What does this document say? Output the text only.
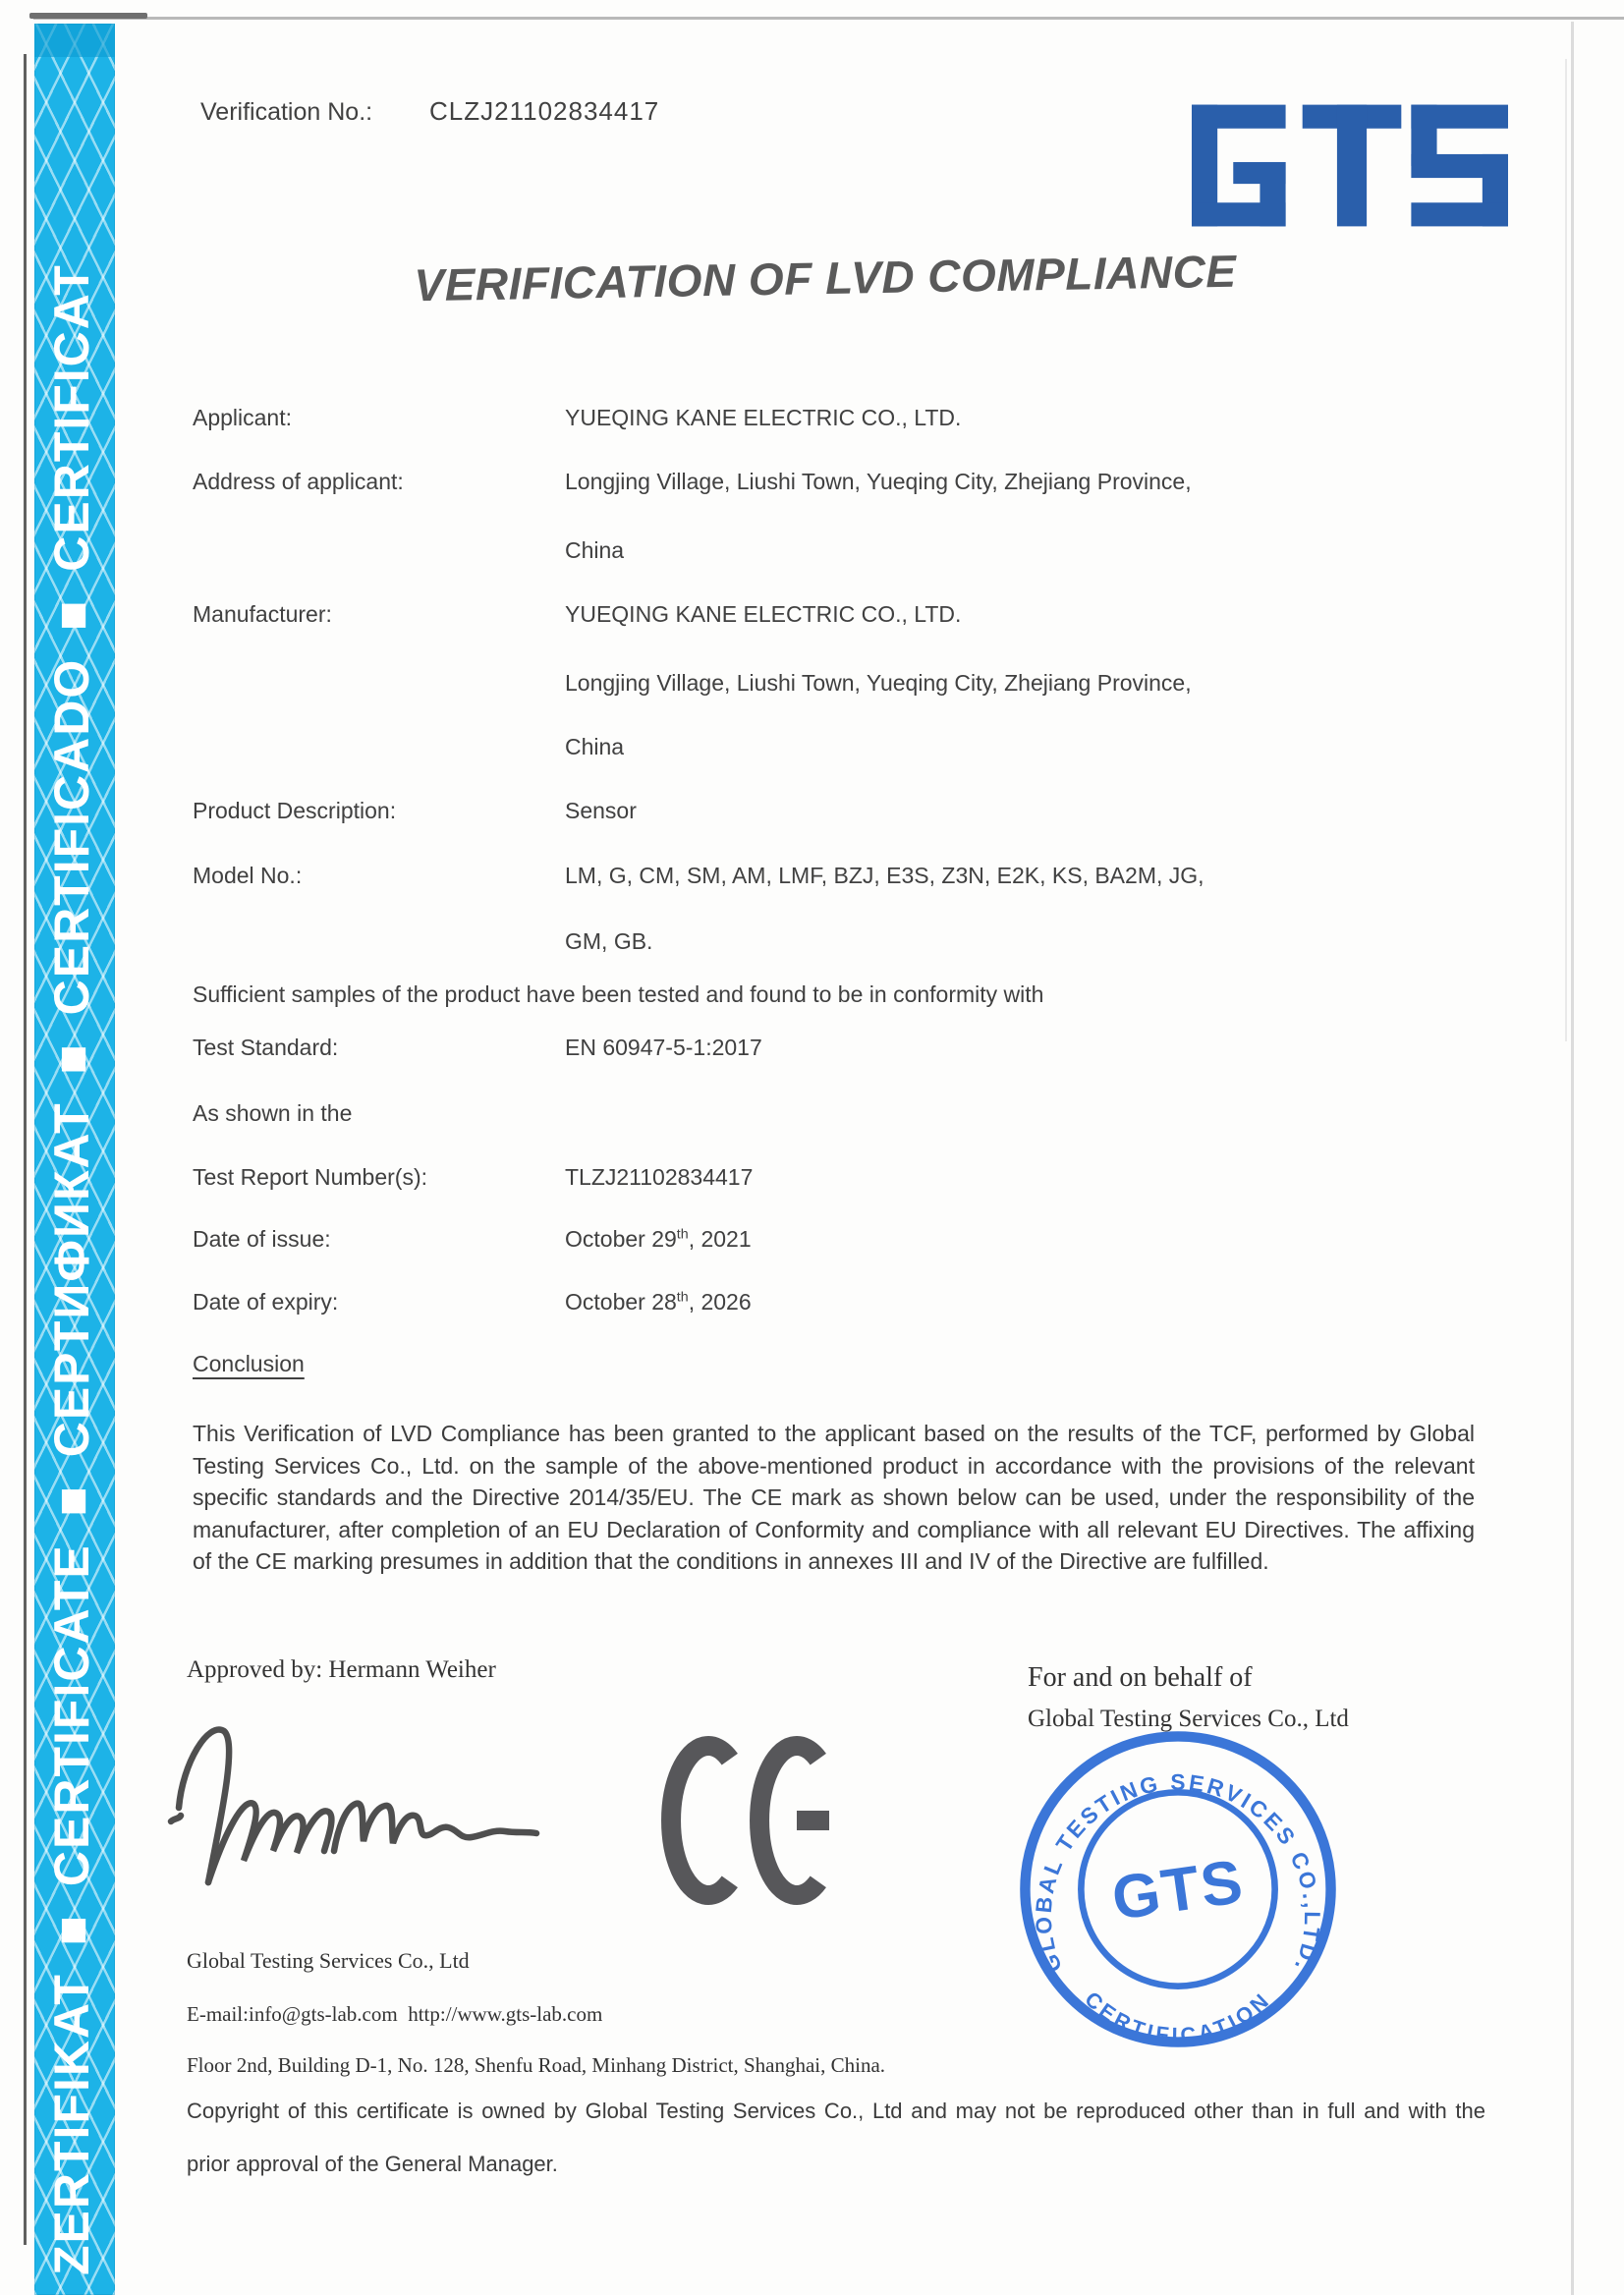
ZERTIFIKAT ■ CERTIFICATE ■ СЕРТИФИКАТ ■ CERTIFICADO ■ CERTIFICAT
Verification No.: CLZJ21102834417
VERIFICATION OF LVD COMPLIANCE
Applicant:	YUEQING KANE ELECTRIC CO., LTD.
Address of applicant:	Longjing Village, Liushi Town, Yueqing City, Zhejiang Province,
China
Manufacturer:	YUEQING KANE ELECTRIC CO., LTD.
Longjing Village, Liushi Town, Yueqing City, Zhejiang Province,
China
Product Description:	Sensor
Model No.:	LM, G, CM, SM, AM, LMF, BZJ, E3S, Z3N, E2K, KS, BA2M, JG,
GM, GB.
Sufficient samples of the product have been tested and found to be in conformity with
Test Standard:	EN 60947-5-1:2017
As shown in the
Test Report Number(s):	TLZJ21102834417
Date of issue:	October 29th, 2021
Date of expiry:	October 28th, 2026
Conclusion
This Verification of LVD Compliance has been granted to the applicant based on the results of the TCF, performed by Global Testing Services Co., Ltd. on the sample of the above-mentioned product in accordance with the provisions of the relevant specific standards and the Directive 2014/35/EU. The CE mark as shown below can be used, under the responsibility of the manufacturer, after completion of an EU Declaration of Conformity and compliance with all relevant EU Directives. The affixing of the CE marking presumes in addition that the conditions in annexes III and IV of the Directive are fulfilled.
Approved by: Hermann Weiher	For and on behalf of
Global Testing Services Co., Ltd
GLOBAL TESTING SERVICES CO.,LTD.
CERTIFICATION
GTS
Global Testing Services Co., Ltd
E-mail:info@gts-lab.com  http://www.gts-lab.com
Floor 2nd, Building D-1, No. 128, Shenfu Road, Minhang District, Shanghai, China.
Copyright of this certificate is owned by Global Testing Services Co., Ltd and may not be reproduced other than in full and with the
prior approval of the General Manager.
